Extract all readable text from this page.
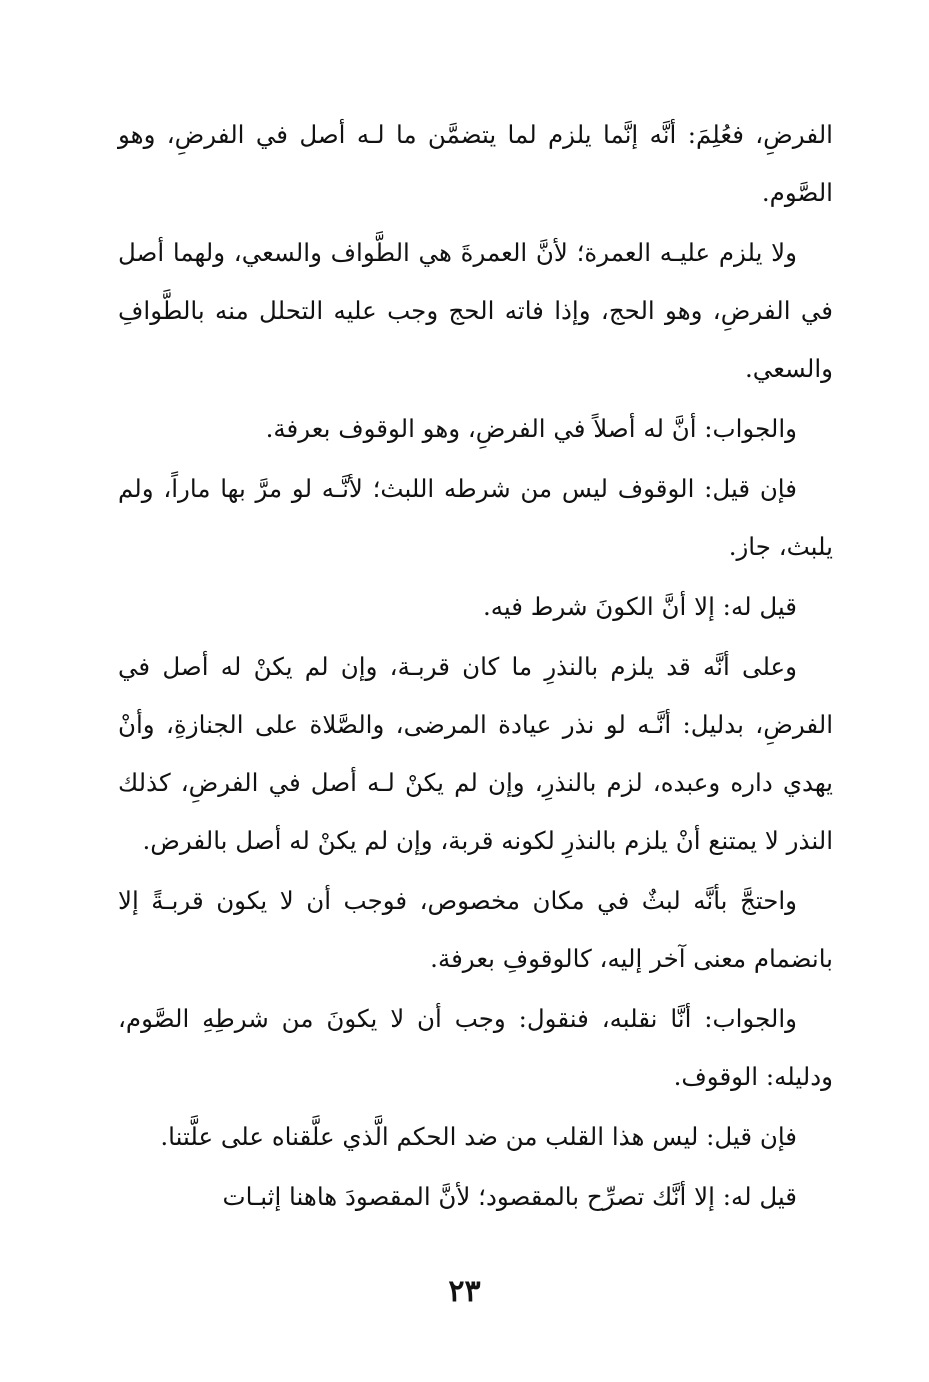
الفرضِ، فعُلِمَ: أنَّه إنَّما يلزم لما يتضمَّن ما لـه أصل في الفرضِ، وهو الصَّوم.

ولا يلزم عليـه العمرة؛ لأنَّ العمرةَ هي الطَّواف والسعي، ولهما أصل في الفرضِ، وهو الحج، وإذا فاته الحج وجب عليه التحلل منه بالطَّوافِ والسعي.

والجواب: أنَّ له أصلاً في الفرضِ، وهو الوقوف بعرفة.

فإن قيل: الوقوف ليس من شرطه اللبث؛ لأنَّـه لو مرَّ بها ماراً، ولم يلبث، جاز.

قيل له: إلا أنَّ الكونَ شرط فيه.

وعلى أنَّه قد يلزم بالنذرِ ما كان قربـة، وإن لم يكنْ له أصل في الفرضِ، بدليل: أنَّـه لو نذر عيادة المرضى، والصَّلاة على الجنازةِ، وأنْ يهدي داره وعبده، لزم بالنذرِ، وإن لم يكنْ لـه أصل في الفرضِ، كذلك النذر لا يمتنع أنْ يلزم بالنذرِ لكونه قربة، وإن لم يكنْ له أصل بالفرض.

واحتجَّ بأنَّه لبثٌ في مكان مخصوص، فوجب أن لا يكون قربـةً إلا بانضمام معنى آخر إليه، كالوقوفِ بعرفة.

والجواب: أنَّا نقلبه، فنقول: وجب أن لا يكونَ من شرطِهِ الصَّوم، ودليله: الوقوف.

فإن قيل: ليس هذا القلب من ضد الحكم الَّذي علَّقناه على علَّتنا.

قيل له: إلا أنَّك تصرِّح بالمقصود؛ لأنَّ المقصودَ هاهنا إثبـات

٢٣
